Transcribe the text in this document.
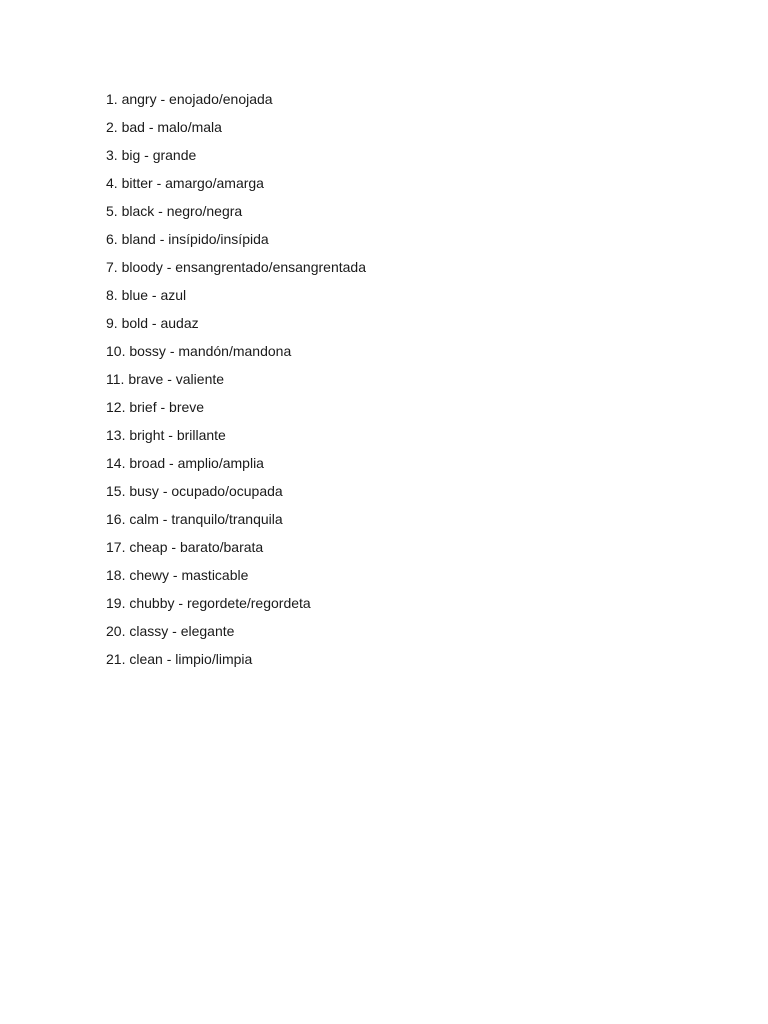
1. angry - enojado/enojada
2. bad - malo/mala
3. big - grande
4. bitter - amargo/amarga
5. black - negro/negra
6. bland - insípido/insípida
7. bloody - ensangrentado/ensangrentada
8. blue - azul
9. bold - audaz
10. bossy - mandón/mandona
11. brave - valiente
12. brief - breve
13. bright - brillante
14. broad - amplio/amplia
15. busy - ocupado/ocupada
16. calm - tranquilo/tranquila
17. cheap - barato/barata
18. chewy - masticable
19. chubby - regordete/regordeta
20. classy - elegante
21. clean - limpio/limpia
